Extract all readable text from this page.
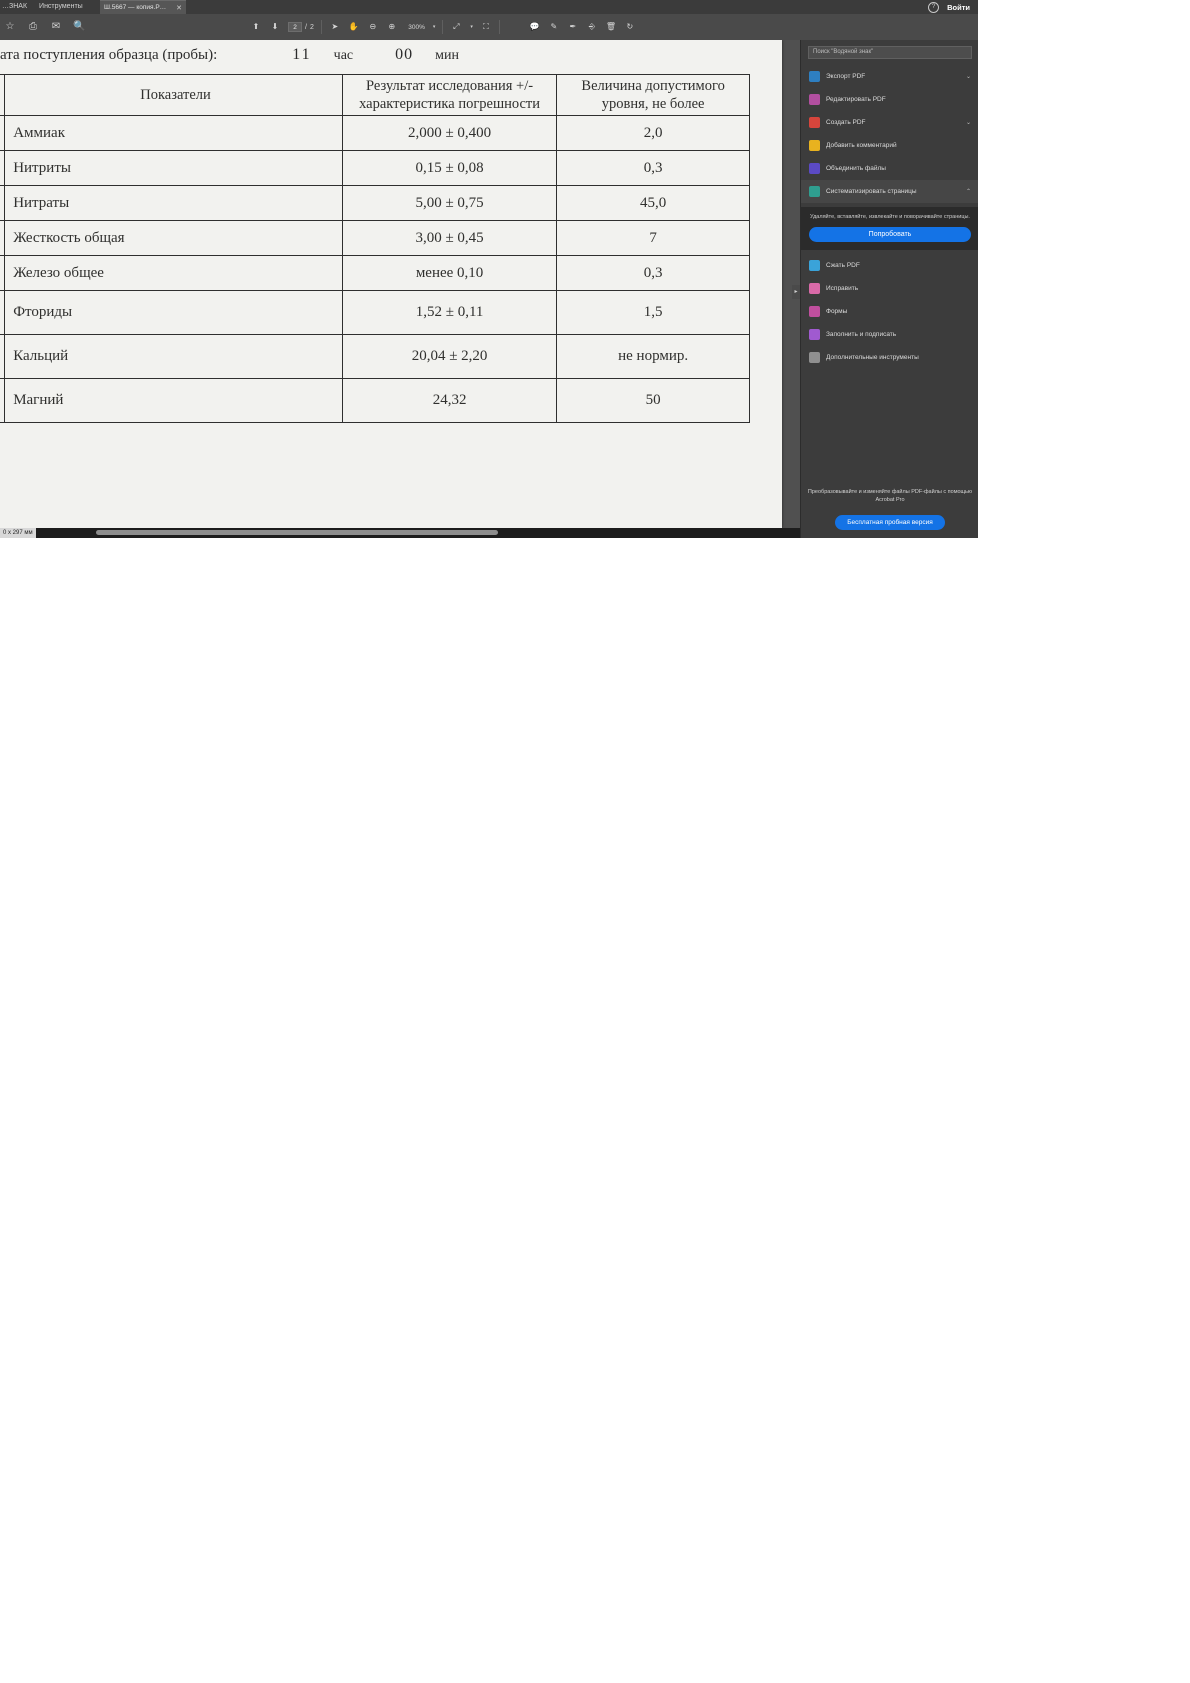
…ЗНАК	Инструменты	?	Войти
Ш.5667 — копия.P…	✕
☆ ⎙ ✉ 🔍	⬆	⬇	2	/ 2	➤	✋	⊖	⊕	300% ▾	⤢	▾	⛶	💬	✎	✒	⎆	🗑	↻
ата поступления образца (пробы):	11 час	00 мин

	Показатели	Результат исследования +/- характеристика погрешности	Величина допустимого уровня, не более
	Аммиак	2,000 ± 0,400	2,0
	Нитриты	0,15 ± 0,08	0,3
	Нитраты	5,00 ± 0,75	45,0
	Жесткость общая	3,00 ± 0,45	7
	Железо общее	менее 0,10	0,3
	Фториды	1,52 ± 0,11	1,5
	Кальций	20,04 ± 2,20	не нормир.
	Магний	24,32	50
0 x 297 мм
▸
Поиск "Водяной знак"
Экспорт PDF	⌄
Редактировать PDF
Создать PDF	⌄
Добавить комментарий
Объединить файлы
Систематизировать страницы	⌃
Удаляйте, вставляйте, извлекайте и поворачивайте страницы.
Попробовать
Сжать PDF
Исправить
Формы
Заполнить и подписать
Дополнительные инструменты
Преобразовывайте и изменяйте файлы PDF-файлы с помощью Acrobat Pro
Бесплатная пробная версия
